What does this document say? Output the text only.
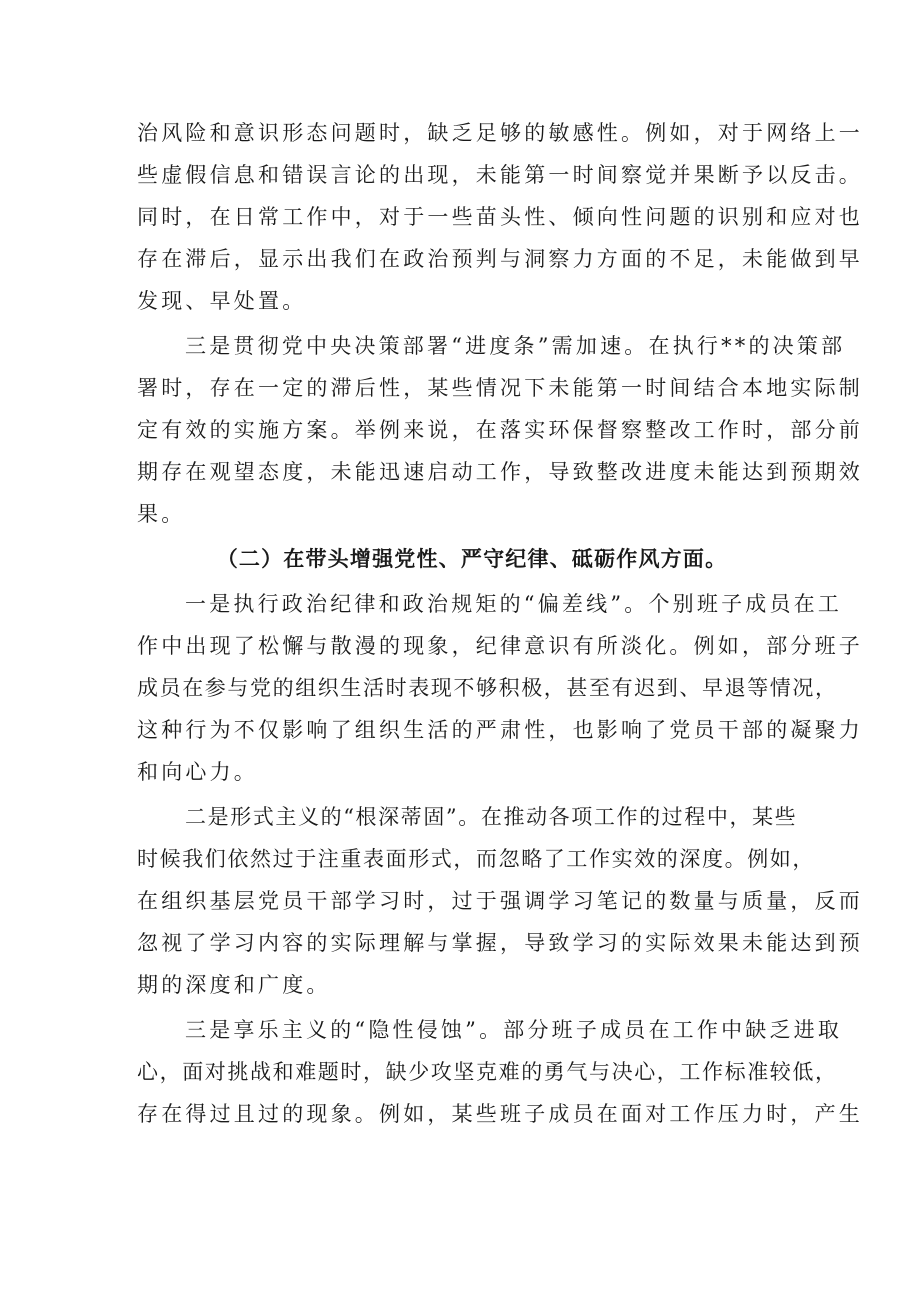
治风险和意识形态问题时，缺乏足够的敏感性。例如，对于网络上一
些虚假信息和错误言论的出现，未能第一时间察觉并果断予以反击。
同时，在日常工作中，对于一些苗头性、倾向性问题的识别和应对也
存在滞后，显示出我们在政治预判与洞察力方面的不足，未能做到早
发现、早处置。
三是贯彻党中央决策部署“进度条”需加速。在执行**的决策部
署时，存在一定的滞后性，某些情况下未能第一时间结合本地实际制
定有效的实施方案。举例来说，在落实环保督察整改工作时，部分前
期存在观望态度，未能迅速启动工作，导致整改进度未能达到预期效
果。
（二）在带头增强党性、严守纪律、砥砺作风方面。
一是执行政治纪律和政治规矩的“偏差线”。个别班子成员在工
作中出现了松懈与散漫的现象，纪律意识有所淡化。例如，部分班子
成员在参与党的组织生活时表现不够积极，甚至有迟到、早退等情况，
这种行为不仅影响了组织生活的严肃性，也影响了党员干部的凝聚力
和向心力。
二是形式主义的“根深蒂固”。在推动各项工作的过程中，某些
时候我们依然过于注重表面形式，而忽略了工作实效的深度。例如，
在组织基层党员干部学习时，过于强调学习笔记的数量与质量，反而
忽视了学习内容的实际理解与掌握，导致学习的实际效果未能达到预
期的深度和广度。
三是享乐主义的“隐性侵蚀”。部分班子成员在工作中缺乏进取
心，面对挑战和难题时，缺少攻坚克难的勇气与决心，工作标准较低，
存在得过且过的现象。例如，某些班子成员在面对工作压力时，产生
